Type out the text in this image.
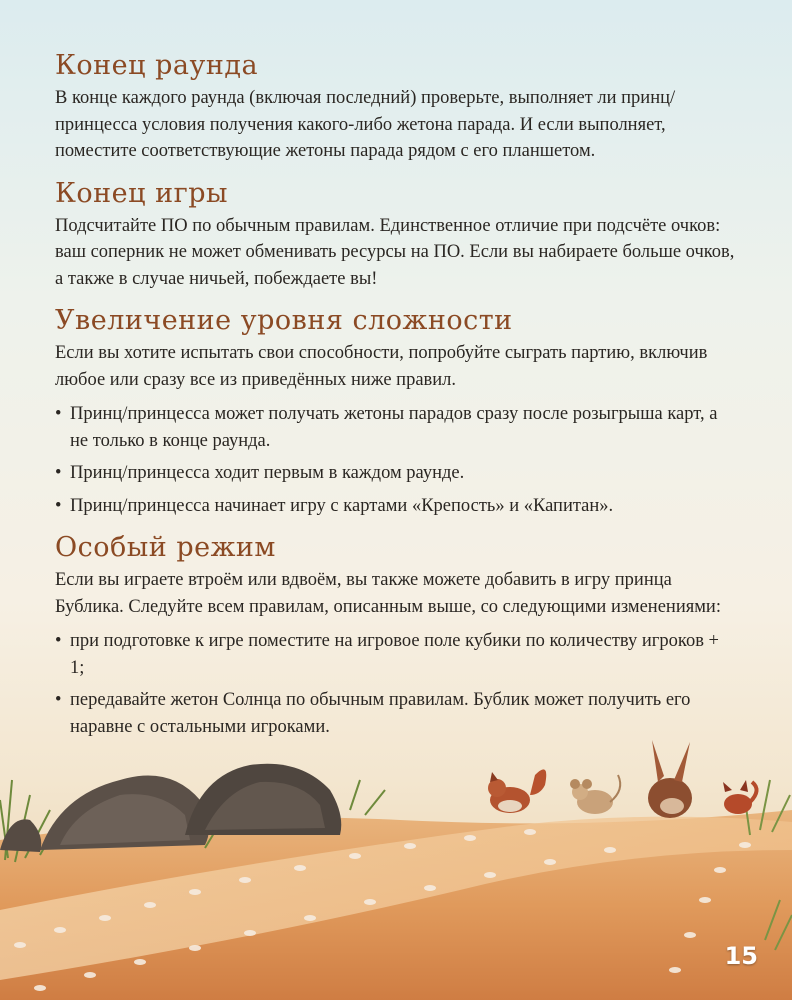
Конец раунда

В конце каждого раунда (включая последний) проверьте, выполняет ли принц/принцесса условия получения какого-либо жетона парада. И если выполняет, поместите соответствующие жетоны парада рядом с его планшетом.

Конец игры

Подсчитайте ПО по обычным правилам. Единственное отличие при подсчёте очков: ваш соперник не может обменивать ресурсы на ПО. Если вы набираете больше очков, а также в случае ничьей, побеждаете вы!

Увеличение уровня сложности

Если вы хотите испытать свои способности, попробуйте сыграть партию, включив любое или сразу все из приведённых ниже правил.

• Принц/принцесса может получать жетоны парадов сразу после розыгрыша карт, а не только в конце раунда.
• Принц/принцесса ходит первым в каждом раунде.
• Принц/принцесса начинает игру с картами «Крепость» и «Капитан».
Особый режим

Если вы играете втроём или вдвоём, вы также можете добавить в игру принца Бублика. Следуйте всем правилам, описанным выше, со следующими изменениями:

• при подготовке к игре поместите на игровое поле кубики по количеству игроков + 1;
• передавайте жетон Солнца по обычным правилам. Бублик может получить его наравне с остальными игроками.
15
